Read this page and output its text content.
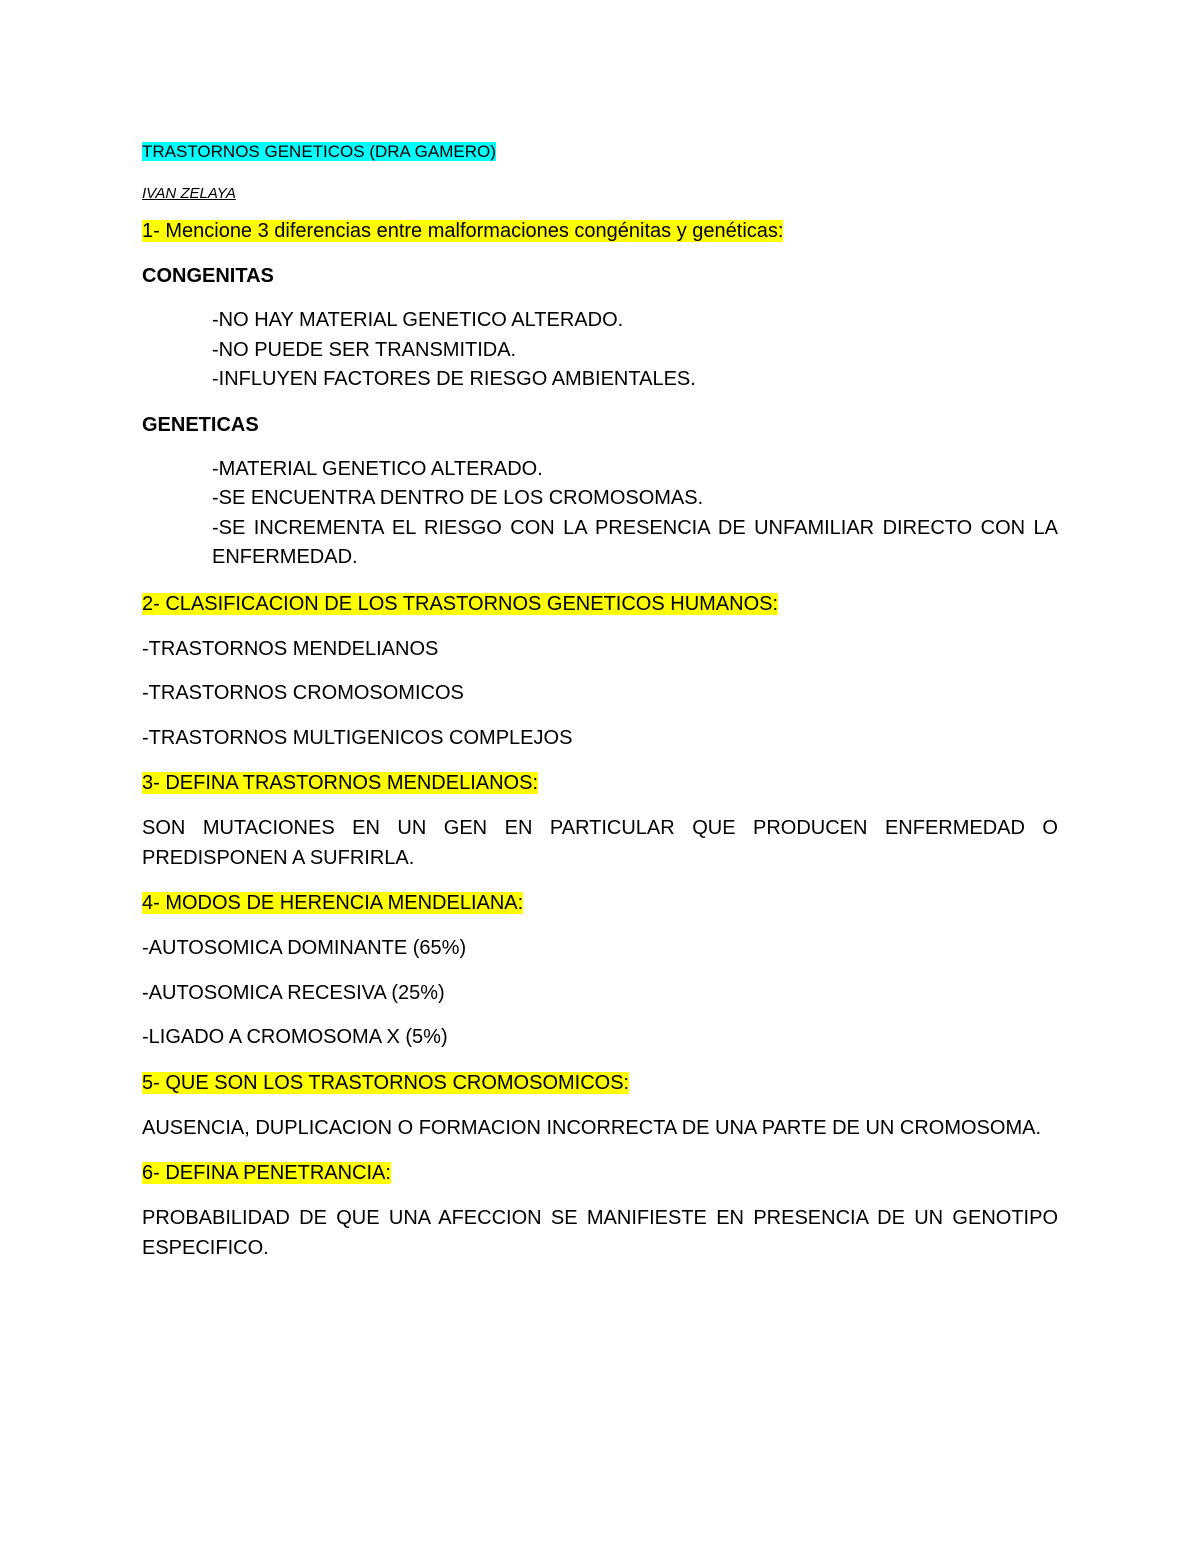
TRASTORNOS GENETICOS (DRA GAMERO)
IVAN ZELAYA
1- Mencione 3 diferencias entre malformaciones congénitas y genéticas:
CONGENITAS
-NO HAY MATERIAL GENETICO ALTERADO.
-NO PUEDE SER TRANSMITIDA.
-INFLUYEN FACTORES DE RIESGO AMBIENTALES.
GENETICAS
-MATERIAL GENETICO ALTERADO.
-SE ENCUENTRA DENTRO DE LOS CROMOSOMAS.
-SE INCREMENTA EL RIESGO CON LA PRESENCIA DE UNFAMILIAR DIRECTO CON LA ENFERMEDAD.
2- CLASIFICACION DE LOS TRASTORNOS GENETICOS HUMANOS:
-TRASTORNOS MENDELIANOS
-TRASTORNOS CROMOSOMICOS
-TRASTORNOS MULTIGENICOS COMPLEJOS
3- DEFINA TRASTORNOS MENDELIANOS:
SON MUTACIONES EN UN GEN EN PARTICULAR QUE PRODUCEN ENFERMEDAD O PREDISPONEN A SUFRIRLA.
4- MODOS DE HERENCIA MENDELIANA:
-AUTOSOMICA DOMINANTE (65%)
-AUTOSOMICA RECESIVA (25%)
-LIGADO A CROMOSOMA X (5%)
5- QUE SON LOS TRASTORNOS CROMOSOMICOS:
AUSENCIA, DUPLICACION O FORMACION INCORRECTA DE UNA PARTE DE UN CROMOSOMA.
6- DEFINA PENETRANCIA:
PROBABILIDAD DE QUE UNA AFECCION SE MANIFIESTE EN PRESENCIA DE UN GENOTIPO ESPECIFICO.
